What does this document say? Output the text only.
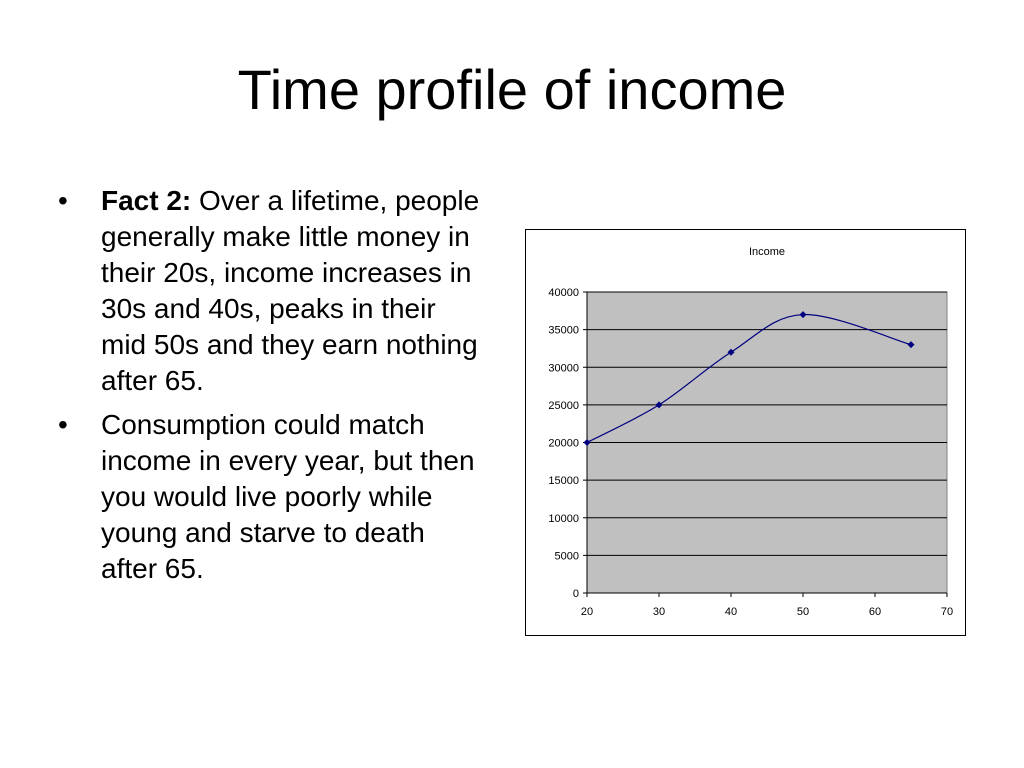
Time profile of income
• Fact 2: Over a lifetime, people generally make little money in their 20s, income increases in 30s and 40s, peaks in their mid 50s and they earn nothing after 65.
• Consumption could match income in every year, but then you would live poorly while young and starve to death after 65.
Income
0
5000
10000
15000
20000
25000
30000
35000
40000
20	30	40	50	60	70
